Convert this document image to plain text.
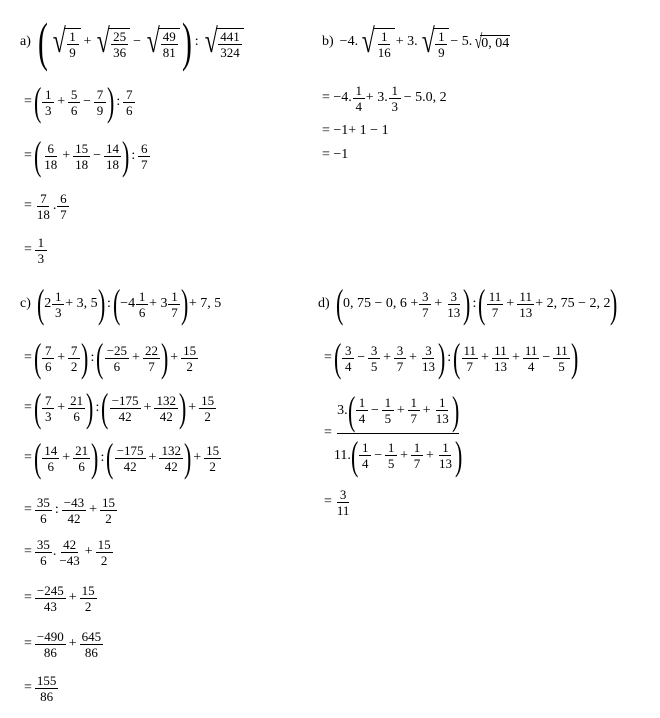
a) ( √ $\frac{1}{9}$ + √ $\frac{25}{36}$ − √ $\frac{49}{81}$ ) : √ $\frac{441}{324}$
= ( $\frac{1}{3} + \frac{5}{6} - \frac{7}{9}$ ) : $\frac{7}{6}$
= ( $\frac{6}{18} + \frac{15}{18} - \frac{14}{18}$ ) : $\frac{6}{7}$
= $\frac{7}{18}$ . $\frac{6}{7}$
= $\frac{1}{3}$
b) −4. √ $\frac{1}{16} + 3$. √ $\frac{1}{9} - 5$. √
0, 04
= −4. $\frac{1}{4} + 3$. $\frac{1}{3} - 5.0$, 2
= −1+ 1 − 1
= −1
c) ( $2 \frac{1}{3} + 3$, 5 ) : ( $-4 \frac{1}{6} + 3 \frac{1}{7}$ ) + 7, 5
= ( $\frac{7}{6} + \frac{7}{2}$ ) : ( $\frac{-25}{6} + \frac{22}{7}$ ) + $\frac{15}{2}$
= ( $\frac{7}{3} + \frac{21}{6}$ ) : ( $\frac{-175}{42} + \frac{132}{42}$ ) + $\frac{15}{2}$
= ( $\frac{14}{6} + \frac{21}{6}$ ) : ( $\frac{-175}{42} + \frac{132}{42}$ ) + $\frac{15}{2}$
= $\frac{35}{6}$ : $\frac{-43}{42} + \frac{15}{2}$
= $\frac{35}{6}$ . $\frac{42}{-43} + \frac{15}{2}$
= $\frac{-245}{43} + \frac{15}{2}$
= $\frac{-490}{86} + \frac{645}{86}$
= $\frac{155}{86}$
d) ( 0, 75 − 0, $6 + \frac{3}{7} + \frac{3}{13}$ ) : ( $\frac{11}{7} + \frac{11}{13} + 2$, 75 − 2, 2 )
= ( $\frac{3}{4} - \frac{3}{5} + \frac{3}{7} + \frac{3}{13}$ ) : ( $\frac{11}{7} + \frac{11}{13} + \frac{11}{4} - \frac{11}{5}$ )
=
3. ( $\frac{1}{4} - \frac{1}{5} + \frac{1}{7} + \frac{1}{13}$ )
11. ( $\frac{1}{4} - \frac{1}{5} + \frac{1}{7} + \frac{1}{13}$ )
= $\frac{3}{11}$
